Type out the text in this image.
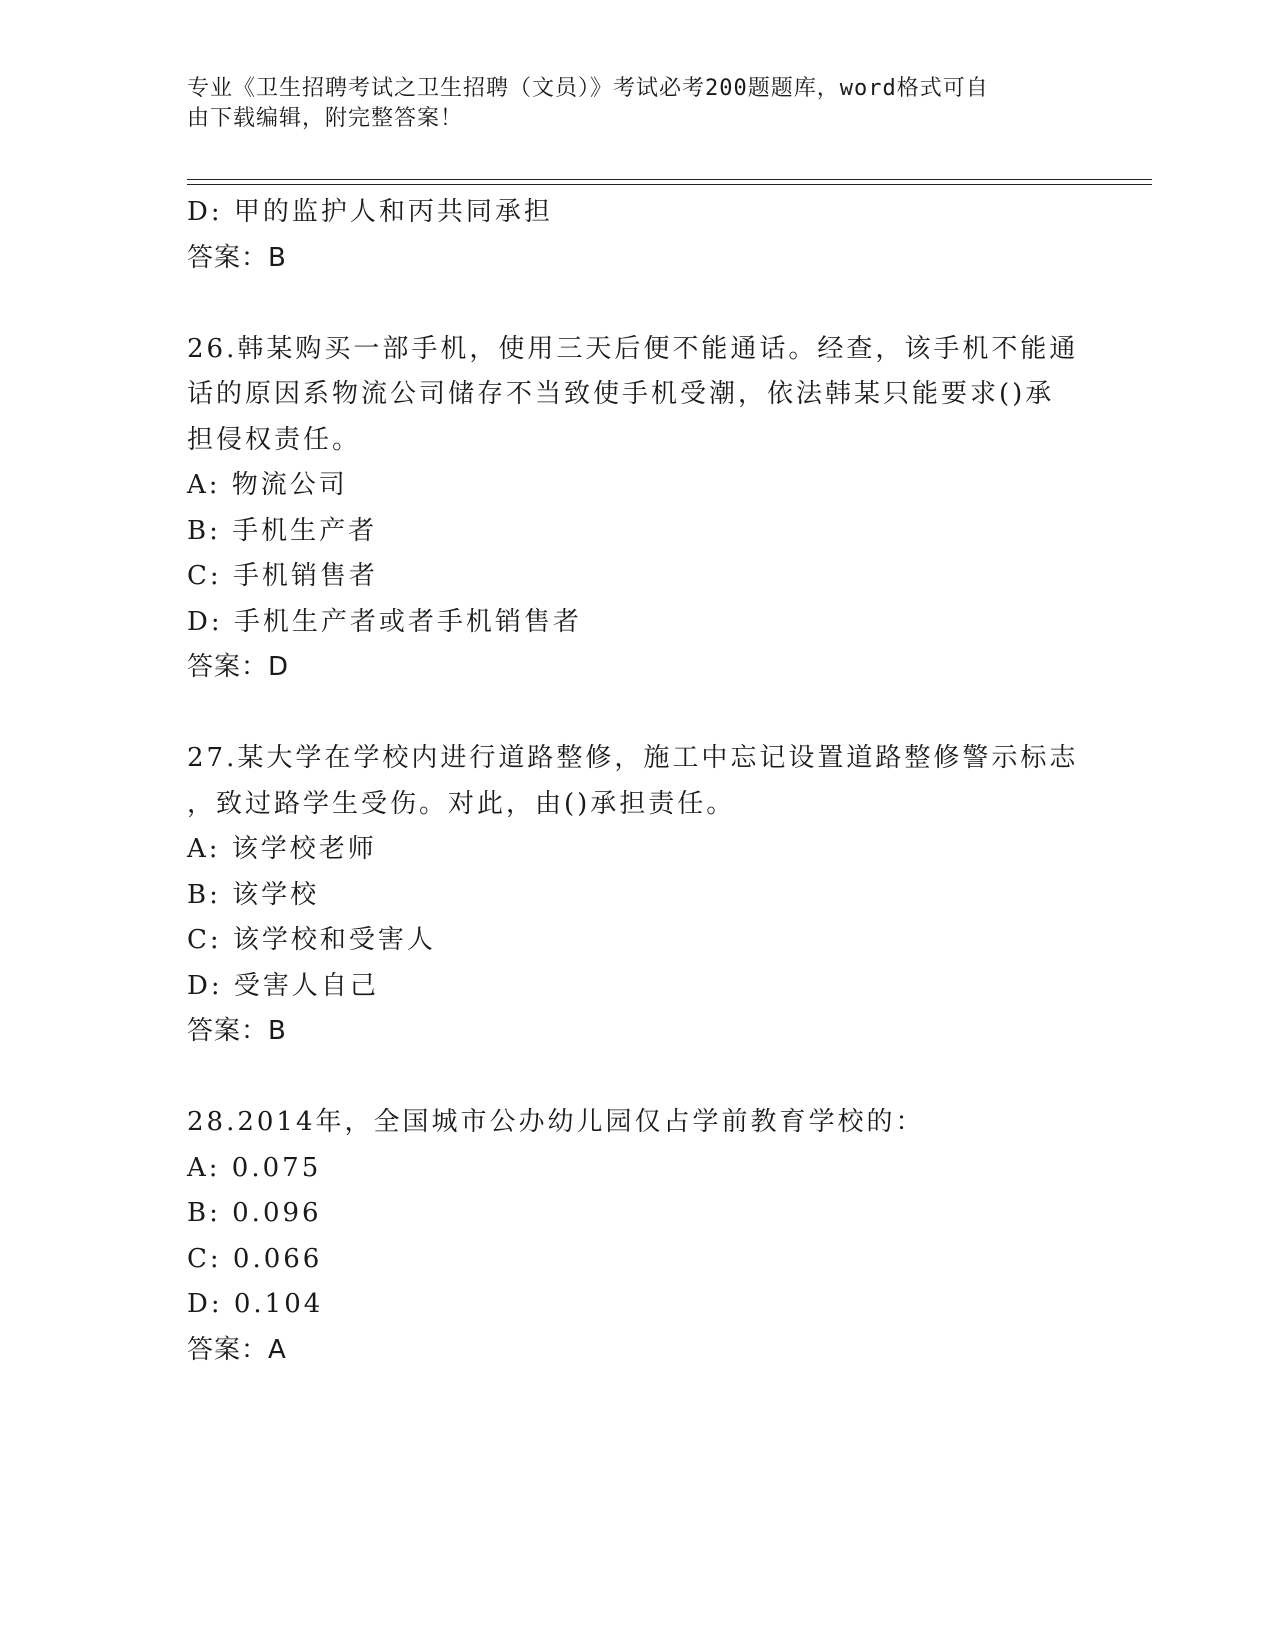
专业《卫生招聘考试之卫生招聘（文员）》考试必考200题题库，word格式可自
由下载编辑，附完整答案！
D: 甲的监护人和丙共同承担
答案：B
26.韩某购买一部手机，使用三天后便不能通话。经查，该手机不能通
话的原因系物流公司储存不当致使手机受潮，依法韩某只能要求()承
担侵权责任。
A: 物流公司
B: 手机生产者
C: 手机销售者
D: 手机生产者或者手机销售者
答案：D
27.某大学在学校内进行道路整修，施工中忘记设置道路整修警示标志
，致过路学生受伤。对此，由()承担责任。
A: 该学校老师
B: 该学校
C: 该学校和受害人
D: 受害人自己
答案：B
28.2014年，全国城市公办幼儿园仅占学前教育学校的：
A: 0.075
B: 0.096
C: 0.066
D: 0.104
答案：A
